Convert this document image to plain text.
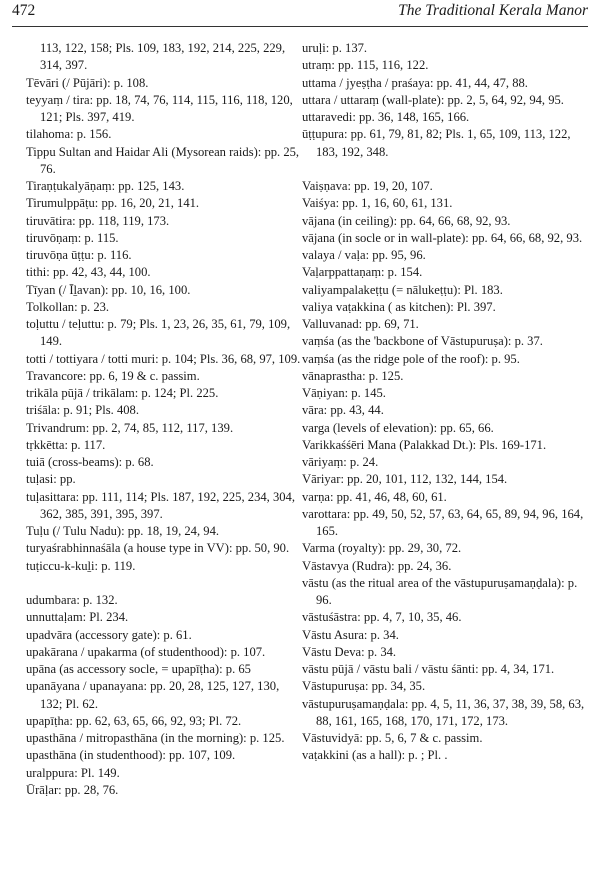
472	The Traditional Kerala Manor

113, 122, 158; Pls. 109, 183, 192, 214, 225, 229, 314, 397.

Tēvāri (/ Pūjāri): p. 108.

teyyaṃ / tira: pp. 18, 74, 76, 114, 115, 116, 118, 120, 121; Pls. 397, 419.

tilahoma: p. 156.

Tippu Sultan and Haidar Ali (Mysorean raids): pp. 25, 76.

Tiraṇṭukalyāṇaṃ: pp. 125, 143.

Tirumulppāṭu: pp. 16, 20, 21, 141.

tiruvātira: pp. 118, 119, 173.

tiruvōṇaṃ: p. 115.

tiruvōṇa ūṭṭu: p. 116.

tithi: pp. 42, 43, 44, 100.

Tīyan (/ Īḻavan): pp. 10, 16, 100.

Tolkollan: p. 23.

toḷuttu / teḷuttu: p. 79; Pls. 1, 23, 26, 35, 61, 79, 109, 149.

totti / tottiyara / totti muri: p. 104; Pls. 36, 68, 97, 109.

Travancore: pp. 6, 19 & c. passim.

trikāla pūjā / trikālam: p. 124; Pl. 225.

triśāla: p. 91; Pls. 408.

Trivandrum: pp. 2, 74, 85, 112, 117, 139.

tṛkkētta: p. 117.

tuiā (cross-beams): p. 68.

tuḷasi: pp.

tuḷasittara: pp. 111, 114; Pls. 187, 192, 225, 234, 304, 362, 385, 391, 395, 397.

Tuḷu (/ Tulu Nadu): pp. 18, 19, 24, 94.

turyaśrabhinnaśāla (a house type in VV): pp. 50, 90.

tuṭiccu-k-kuḻi: p. 119.

udumbara: p. 132.

unnuttaḷam: Pl. 234.

upadvāra (accessory gate): p. 61.

upakārana / upakarma (of studenthood): p. 107.

upāna (as accessory socle, = upapīṭha): p. 65

upanāyana / upanayana: pp. 20, 28, 125, 127, 130, 132; Pl. 62.

upapīṭha: pp. 62, 63, 65, 66, 92, 93; Pl. 72.

upasthāna / mitropasthāna (in the morning): p. 125.

upasthāna (in studenthood): pp. 107, 109.

uralppura: Pl. 149.

Ūrāḷar: pp. 28, 76.

uruḷi: p. 137.

utraṃ: pp. 115, 116, 122.

uttama / jyeṣṭha / praśaya: pp. 41, 44, 47, 88.

uttara / uttaraṃ (wall-plate): pp. 2, 5, 64, 92, 94, 95.

uttaravedi: pp. 36, 148, 165, 166.

ūṭṭupura: pp. 61, 79, 81, 82; Pls. 1, 65, 109, 113, 122, 183, 192, 348.

Vaiṣṇava: pp. 19, 20, 107.

Vaiśya: pp. 1, 16, 60, 61, 131.

vājana (in ceiling): pp. 64, 66, 68, 92, 93.

vājana (in socle or in wall-plate): pp. 64, 66, 68, 92, 93.

valaya / vaḷa: pp. 95, 96.

Vaḷarppattaṇaṃ: p. 154.

valiyampalakeṭṭu (= nālukeṭṭu): Pl. 183.

valiya vaṭakkina ( as kitchen): Pl. 397.

Valluvanad: pp. 69, 71.

vaṃśa (as the 'backbone of Vāstupuruṣa): p. 37.

vaṃśa (as the ridge pole of the roof): p. 95.

vānaprastha: p. 125.

Vāṇiyan: p. 145.

vāra: pp. 43, 44.

varga (levels of elevation): pp. 65, 66.

Varikkaśśēri Mana (Palakkad Dt.): Pls. 169-171.

vāriyaṃ: p. 24.

Vāriyar: pp. 20, 101, 112, 132, 144, 154.

varṇa: pp. 41, 46, 48, 60, 61.

varottara: pp. 49, 50, 52, 57, 63, 64, 65, 89, 94, 96, 164, 165.

Varma (royalty): pp. 29, 30, 72.

Vāstavya (Rudra): pp. 24, 36.

vāstu (as the ritual area of the vāstupuruṣamaṇḍala): p. 96.

vāstuśāstra: pp. 4, 7, 10, 35, 46.

Vāstu Asura: p. 34.

Vāstu Deva: p. 34.

vāstu pūjā / vāstu bali / vāstu śānti: pp. 4, 34, 171.

Vāstupuruṣa: pp. 34, 35.

vāstupuruṣamaṇḍala: pp. 4, 5, 11, 36, 37, 38, 39, 58, 63, 88, 161, 165, 168, 170, 171, 172, 173.

Vāstuvidyā: pp. 5, 6, 7 & c. passim.

vaṭakkini (as a hall): p. ; Pl. .
